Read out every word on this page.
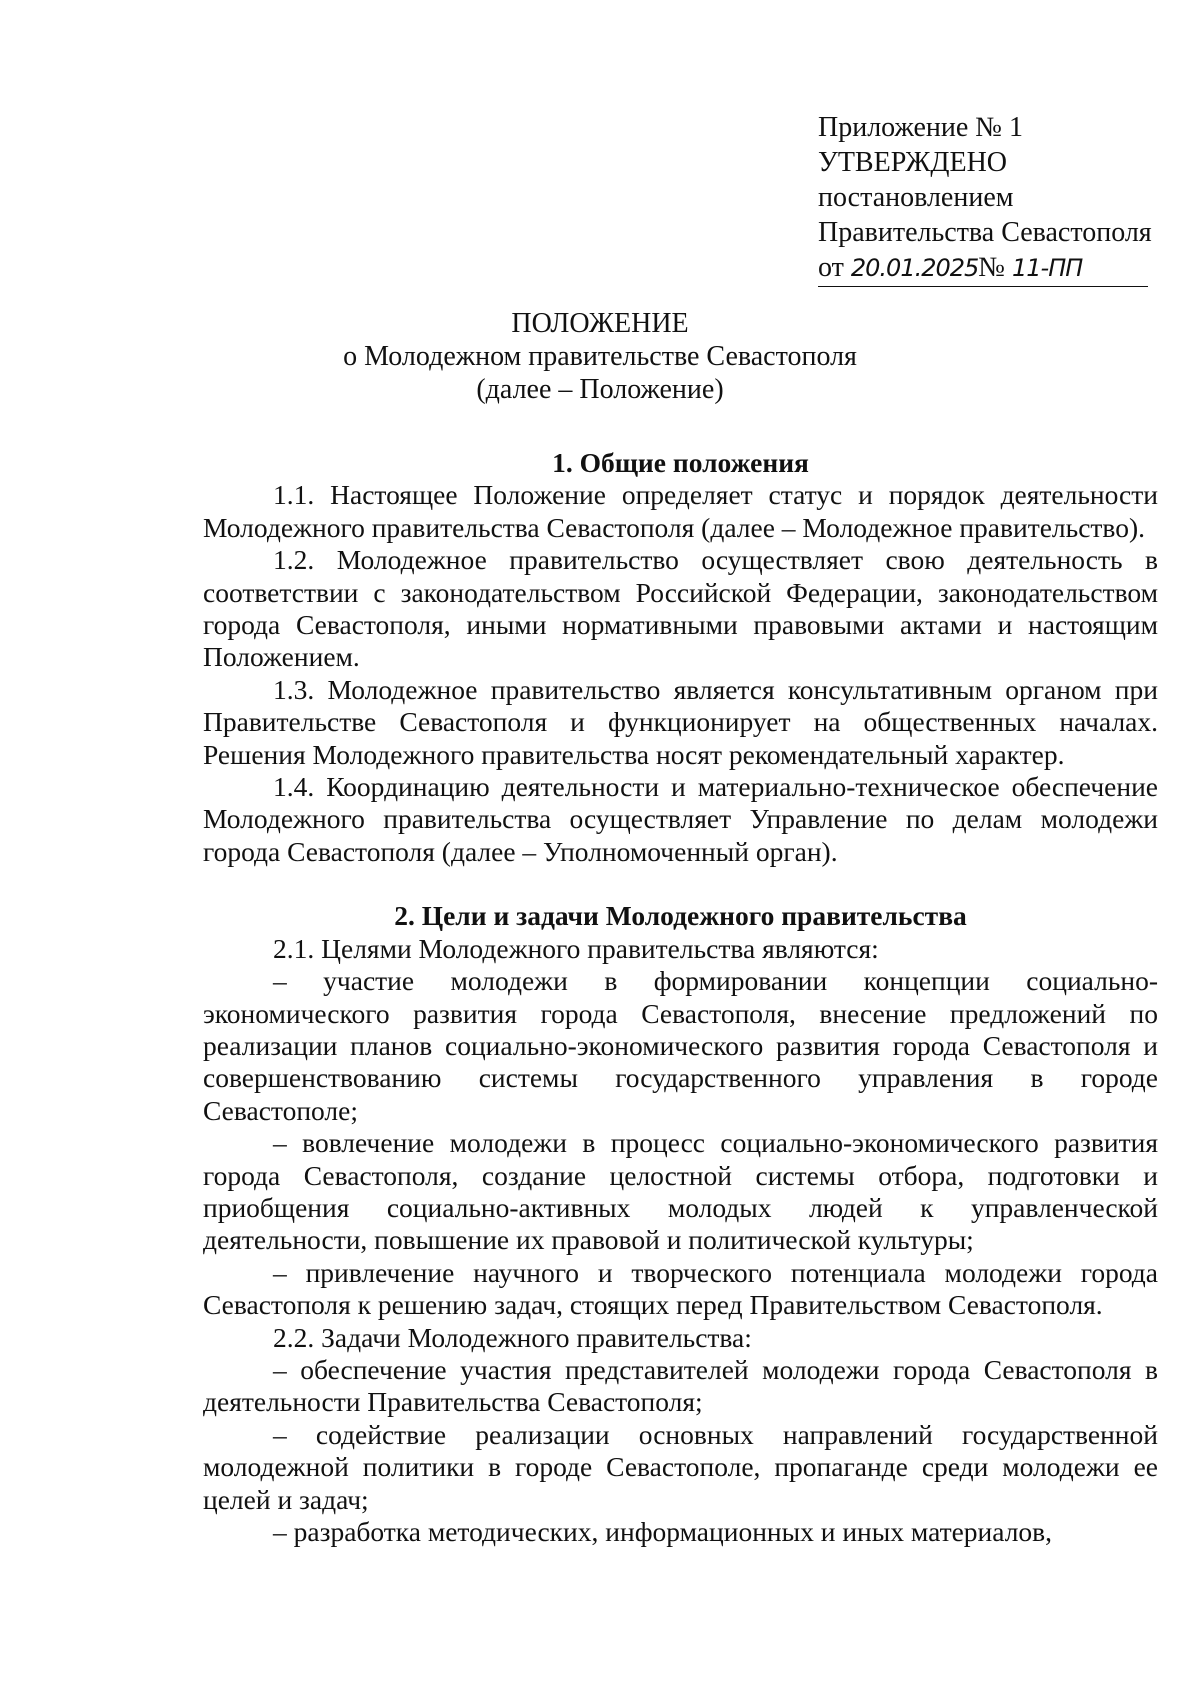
Приложение № 1
УТВЕРЖДЕНО
постановлением
Правительства Севастополя
от 20.01.2025№ 11-ПП
ПОЛОЖЕНИЕ
о Молодежном правительстве Севастополя
(далее – Положение)

1. Общие положения

1.1. Настоящее Положение определяет статус и порядок деятельности Молодежного правительства Севастополя (далее – Молодежное правительство).

1.2. Молодежное правительство осуществляет свою деятельность в соответствии с законодательством Российской Федерации, законодательством города Севастополя, иными нормативными правовыми актами и настоящим Положением.

1.3. Молодежное правительство является консультативным органом при Правительстве Севастополя и функционирует на общественных началах. Решения Молодежного правительства носят рекомендательный характер.

1.4. Координацию деятельности и материально-техническое обеспечение Молодежного правительства осуществляет Управление по делам молодежи города Севастополя (далее – Уполномоченный орган).

2. Цели и задачи Молодежного правительства

2.1. Целями Молодежного правительства являются:

– участие молодежи в формировании концепции социально-экономического развития города Севастополя, внесение предложений по реализации планов социально-экономического развития города Севастополя и совершенствованию системы государственного управления в городе Севастополе;

– вовлечение молодежи в процесс социально-экономического развития города Севастополя, создание целостной системы отбора, подготовки и приобщения социально-активных молодых людей к управленческой деятельности, повышение их правовой и политической культуры;

– привлечение научного и творческого потенциала молодежи города Севастополя к решению задач, стоящих перед Правительством Севастополя.

2.2. Задачи Молодежного правительства:

– обеспечение участия представителей молодежи города Севастополя в деятельности Правительства Севастополя;

– содействие реализации основных направлений государственной молодежной политики в городе Севастополе, пропаганде среди молодежи ее целей и задач;

– разработка методических, информационных и иных материалов,
